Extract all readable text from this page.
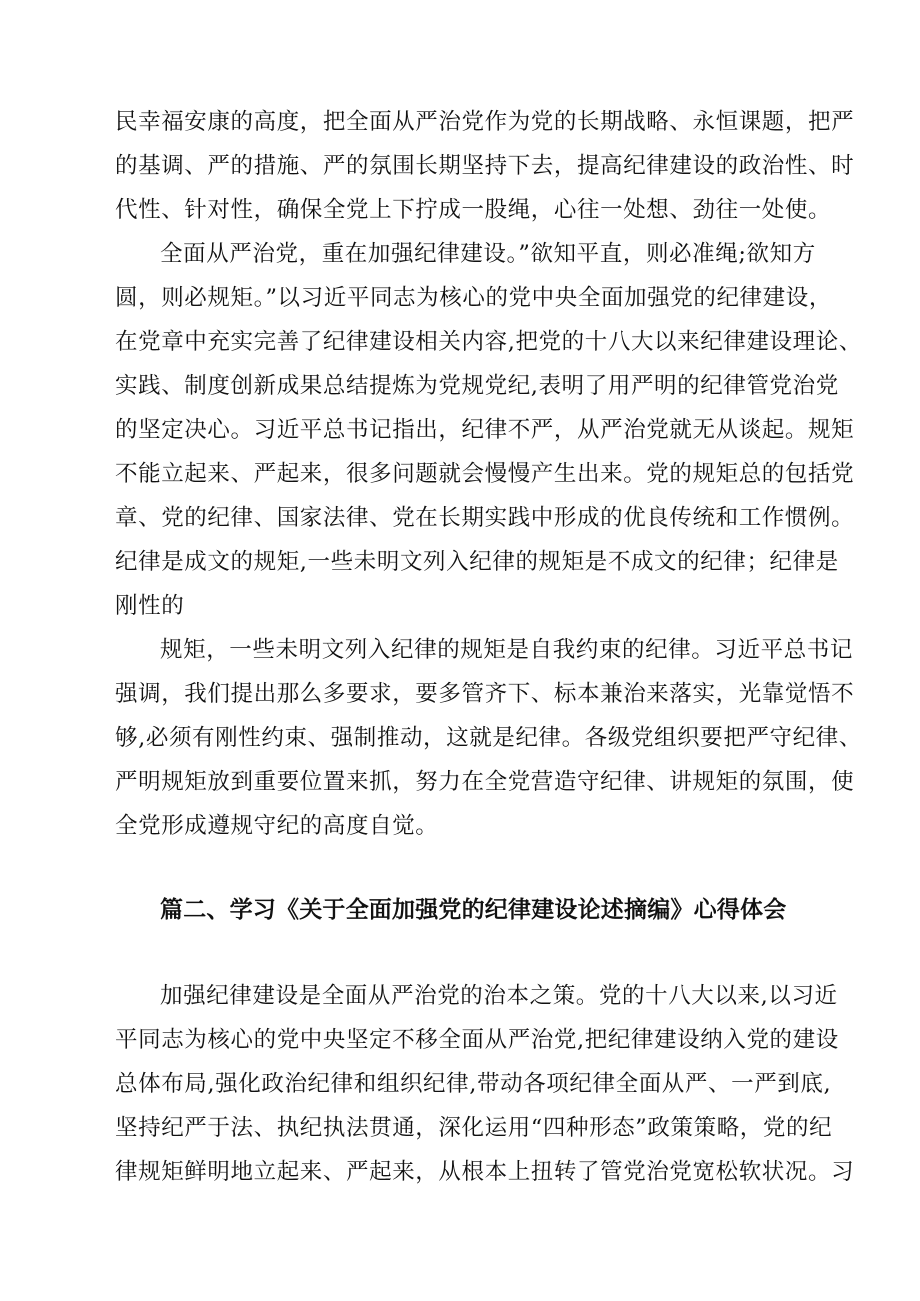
民幸福安康的高度，把全面从严治党作为党的长期战略、永恒课题，把严
的基调、严的措施、严的氛围长期坚持下去，提高纪律建设的政治性、时
代性、针对性，确保全党上下拧成一股绳，心往一处想、劲往一处使。
全面从严治党，重在加强纪律建设。”欲知平直，则必准绳;欲知方
圆，则必规矩。”以习近平同志为核心的党中央全面加强党的纪律建设，
在党章中充实完善了纪律建设相关内容,把党的十八大以来纪律建设理论、
实践、制度创新成果总结提炼为党规党纪,表明了用严明的纪律管党治党
的坚定决心。习近平总书记指出，纪律不严，从严治党就无从谈起。规矩
不能立起来、严起来，很多问题就会慢慢产生出来。党的规矩总的包括党
章、党的纪律、国家法律、党在长期实践中形成的优良传统和工作惯例。
纪律是成文的规矩,一些未明文列入纪律的规矩是不成文的纪律；纪律是
刚性的
规矩，一些未明文列入纪律的规矩是自我约束的纪律。习近平总书记
强调，我们提出那么多要求，要多管齐下、标本兼治来落实，光靠觉悟不
够,必须有刚性约束、强制推动，这就是纪律。各级党组织要把严守纪律、
严明规矩放到重要位置来抓，努力在全党营造守纪律、讲规矩的氛围，使
全党形成遵规守纪的高度自觉。
篇二、学习《关于全面加强党的纪律建设论述摘编》心得体会
加强纪律建设是全面从严治党的治本之策。党的十八大以来,以习近
平同志为核心的党中央坚定不移全面从严治党,把纪律建设纳入党的建设
总体布局,强化政治纪律和组织纪律,带动各项纪律全面从严、一严到底,
坚持纪严于法、执纪执法贯通，深化运用“四种形态”政策策略，党的纪
律规矩鲜明地立起来、严起来，从根本上扭转了管党治党宽松软状况。习
